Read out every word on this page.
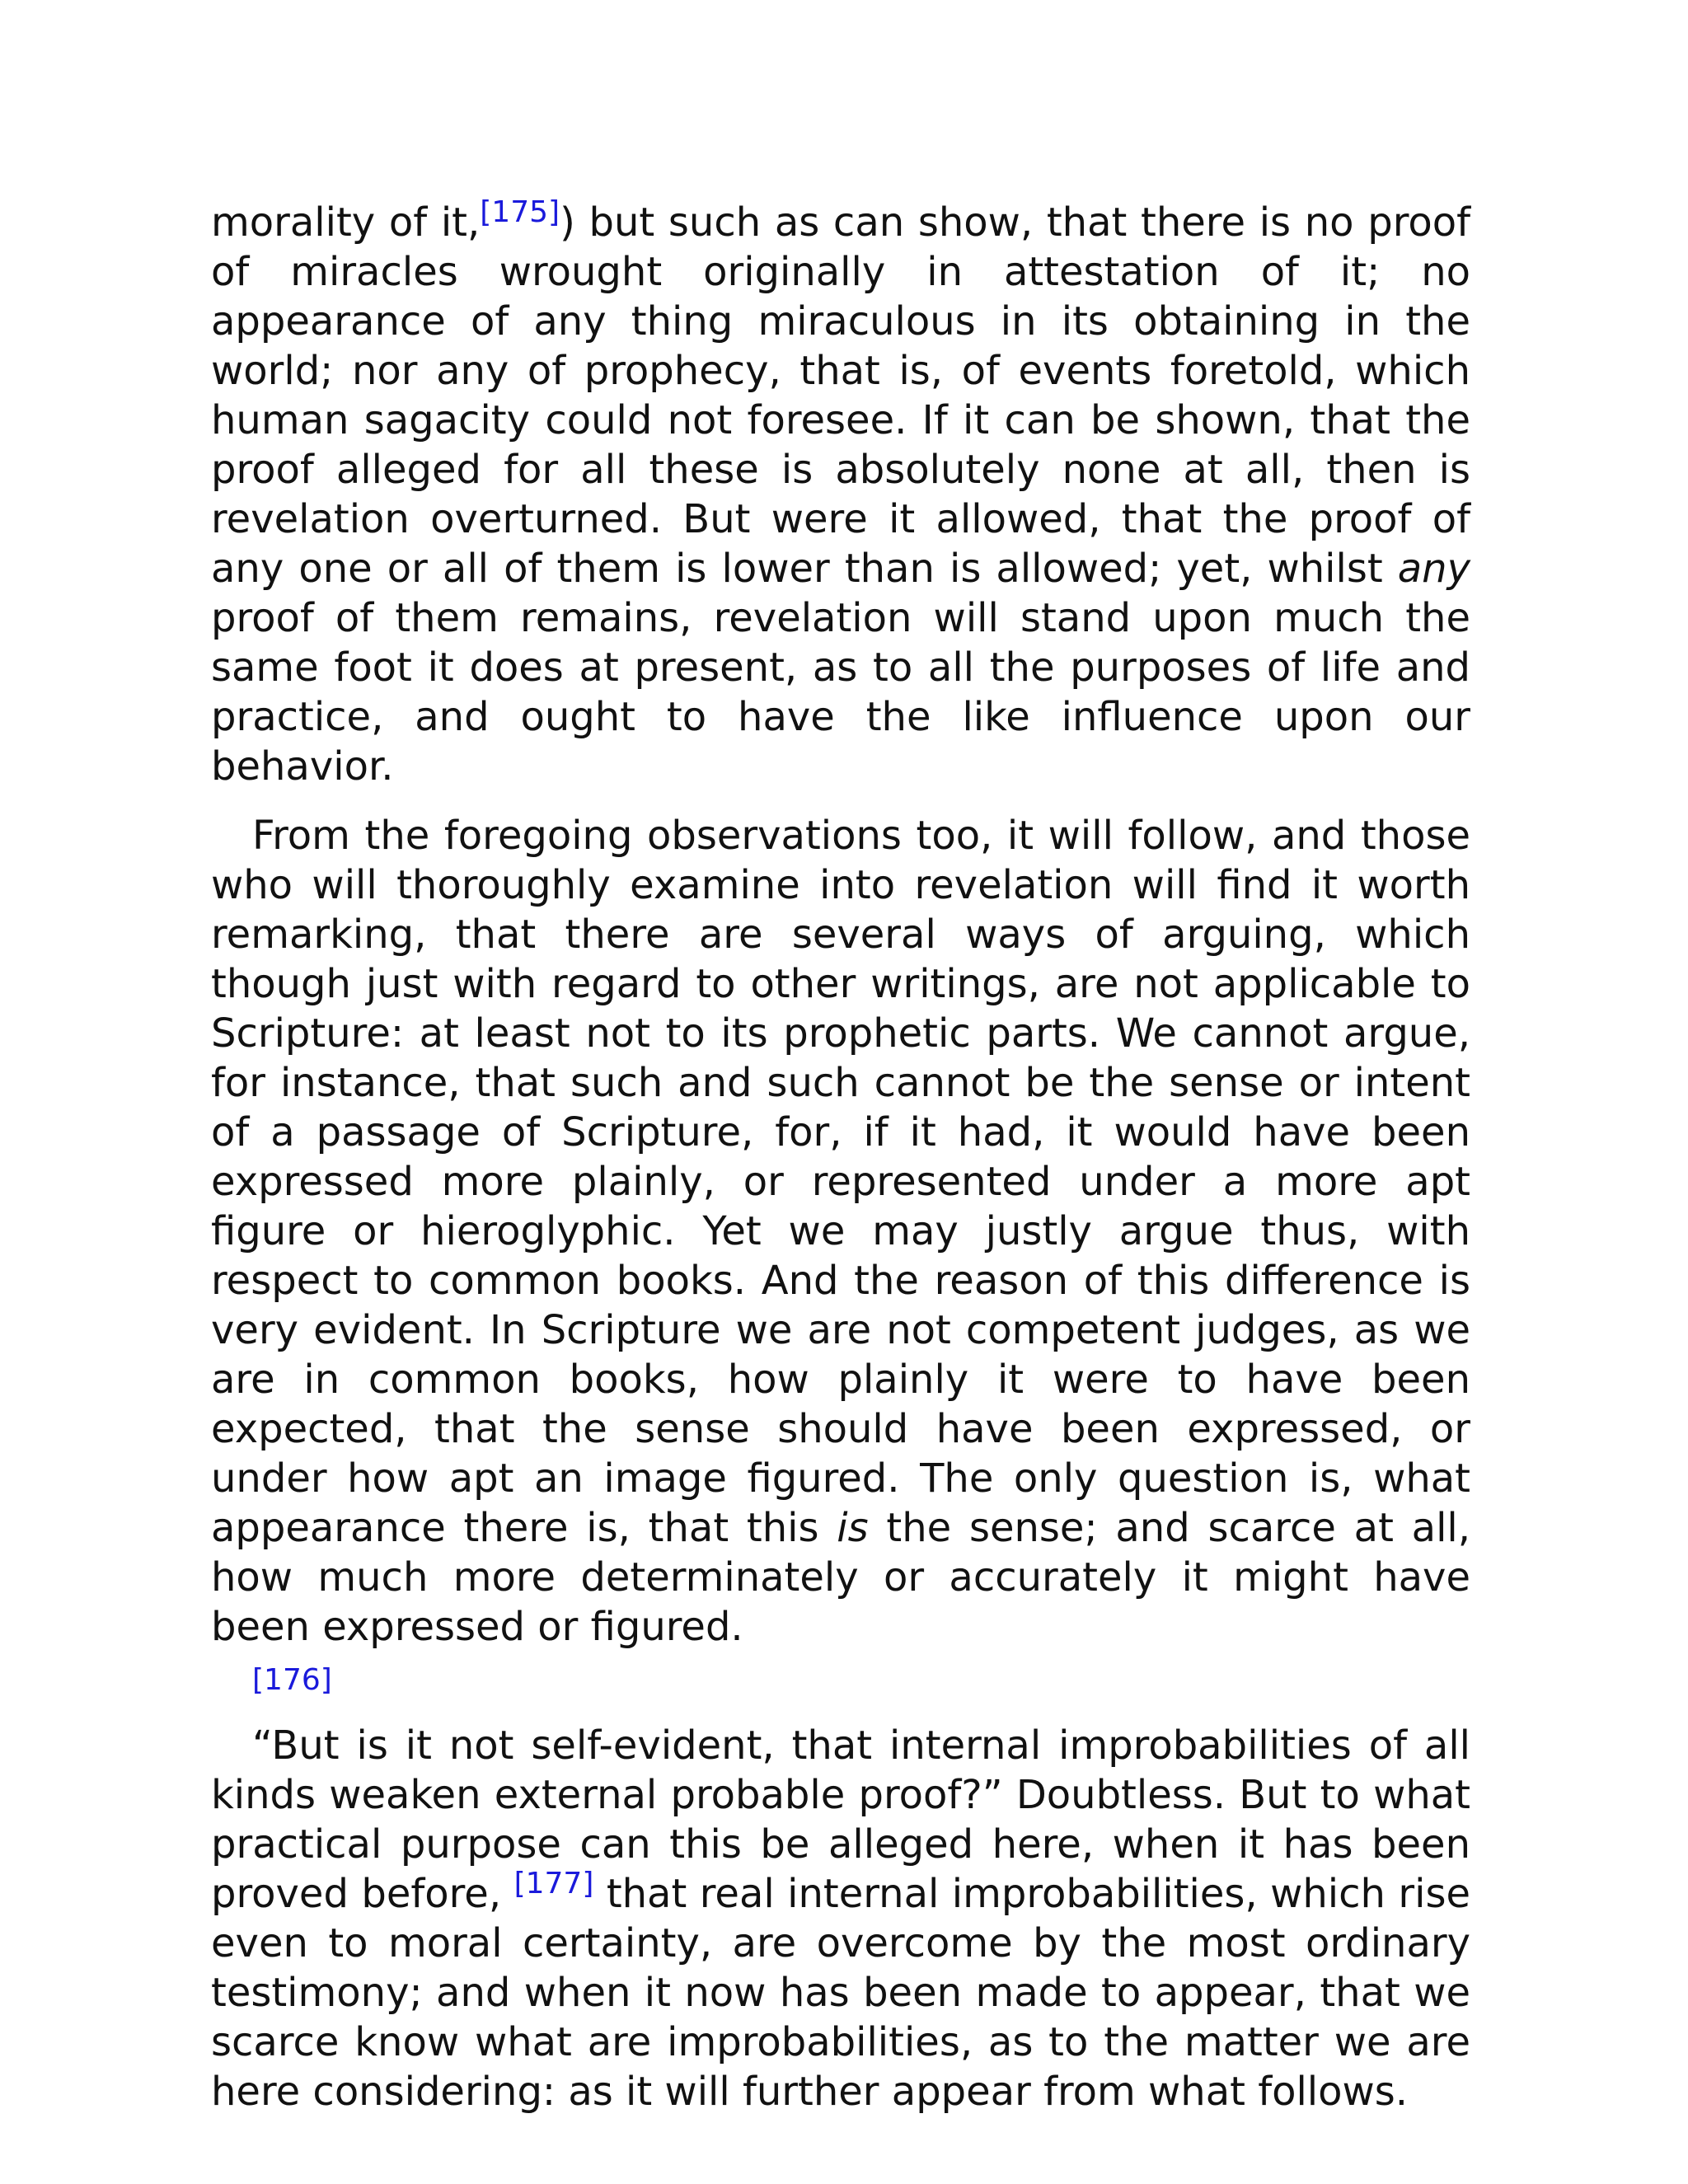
morality of it,[175]) but such as can show, that there is no proof of miracles wrought originally in attestation of it; no appearance of any thing miraculous in its obtaining in the world; nor any of prophecy, that is, of events foretold, which human sagacity could not foresee. If it can be shown, that the proof alleged for all these is absolutely none at all, then is revelation overturned. But were it allowed, that the proof of any one or all of them is lower than is allowed; yet, whilst any proof of them remains, revelation will stand upon much the same foot it does at present, as to all the purposes of life and practice, and ought to have the like influence upon our behavior.

From the foregoing observations too, it will follow, and those who will thoroughly examine into revelation will find it worth remarking, that there are several ways of arguing, which though just with regard to other writings, are not applicable to Scripture: at least not to its prophetic parts. We cannot argue, for instance, that such and such cannot be the sense or intent of a passage of Scripture, for, if it had, it would have been expressed more plainly, or represented under a more apt figure or hieroglyphic. Yet we may justly argue thus, with respect to common books. And the reason of this difference is very evident. In Scripture we are not competent judges, as we are in common books, how plainly it were to have been expected, that the sense should have been expressed, or under how apt an image figured. The only question is, what appearance there is, that this is the sense; and scarce at all, how much more determinately or accurately it might have been expressed or figured.
[176]

“But is it not self-evident, that internal improbabilities of all kinds weaken external probable proof?” Doubtless. But to what practical purpose can this be alleged here, when it has been proved before, [177] that real internal improbabilities, which rise even to moral certainty, are overcome by the most ordinary testimony; and when it now has been made to appear, that we scarce know what are improbabilities, as to the matter we are here considering: as it will further appear from what follows.
